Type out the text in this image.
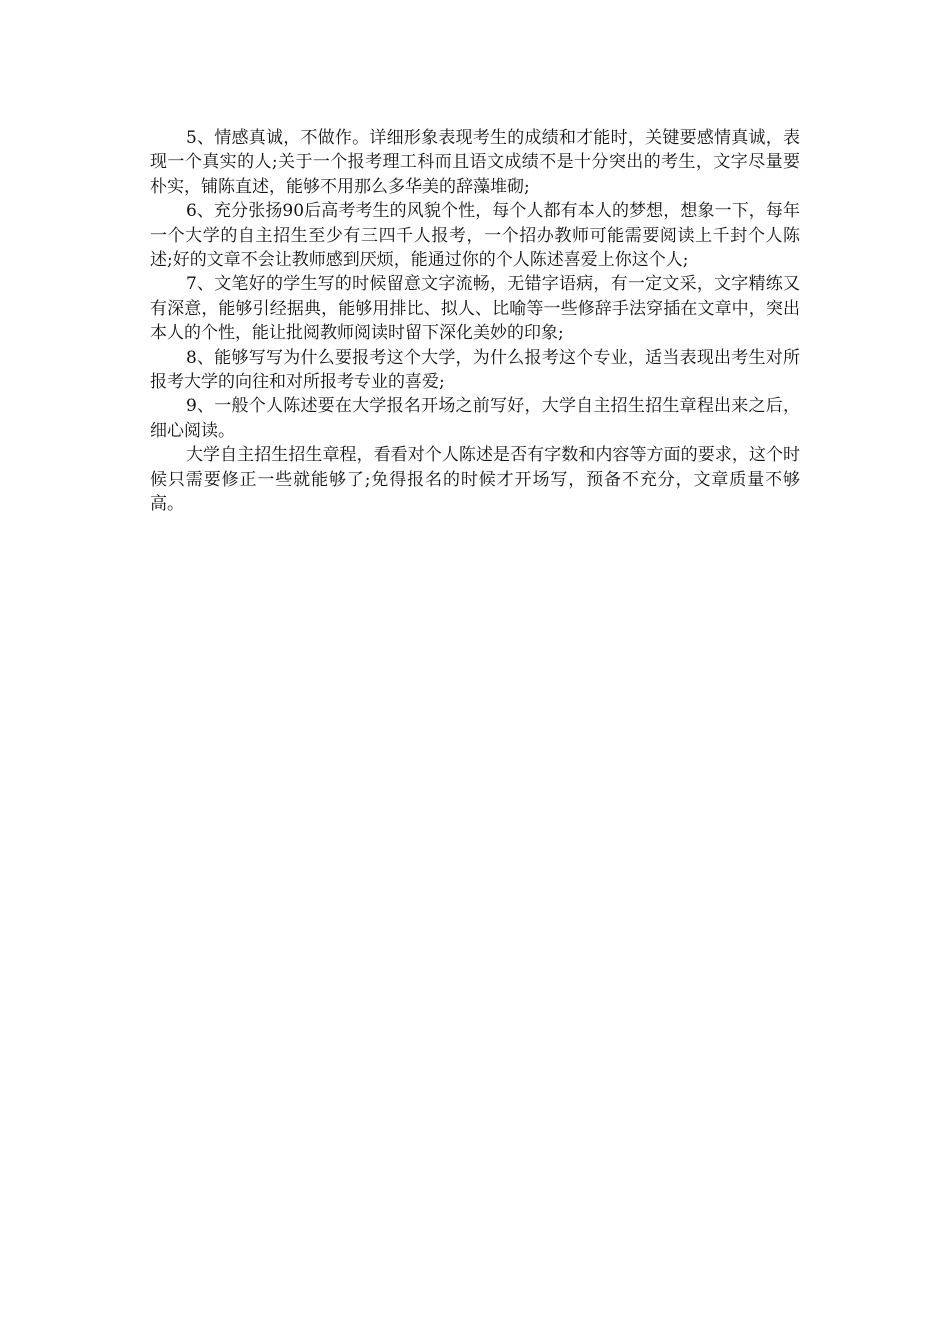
5、情感真诚，不做作。详细形象表现考生的成绩和才能时，关键要感情真诚，表现一个真实的人;关于一个报考理工科而且语文成绩不是十分突出的考生，文字尽量要朴实，铺陈直述，能够不用那么多华美的辞藻堆砌;

6、充分张扬90后高考考生的风貌个性，每个人都有本人的梦想，想象一下，每年一个大学的自主招生至少有三四千人报考，一个招办教师可能需要阅读上千封个人陈述;好的文章不会让教师感到厌烦，能通过你的个人陈述喜爱上你这个人;

7、文笔好的学生写的时候留意文字流畅，无错字语病，有一定文采，文字精练又有深意，能够引经据典，能够用排比、拟人、比喻等一些修辞手法穿插在文章中，突出本人的个性，能让批阅教师阅读时留下深化美妙的印象;

8、能够写写为什么要报考这个大学，为什么报考这个专业，适当表现出考生对所报考大学的向往和对所报考专业的喜爱;

9、一般个人陈述要在大学报名开场之前写好，大学自主招生招生章程出来之后，细心阅读。

大学自主招生招生章程，看看对个人陈述是否有字数和内容等方面的要求，这个时候只需要修正一些就能够了;免得报名的时候才开场写，预备不充分，文章质量不够高。
